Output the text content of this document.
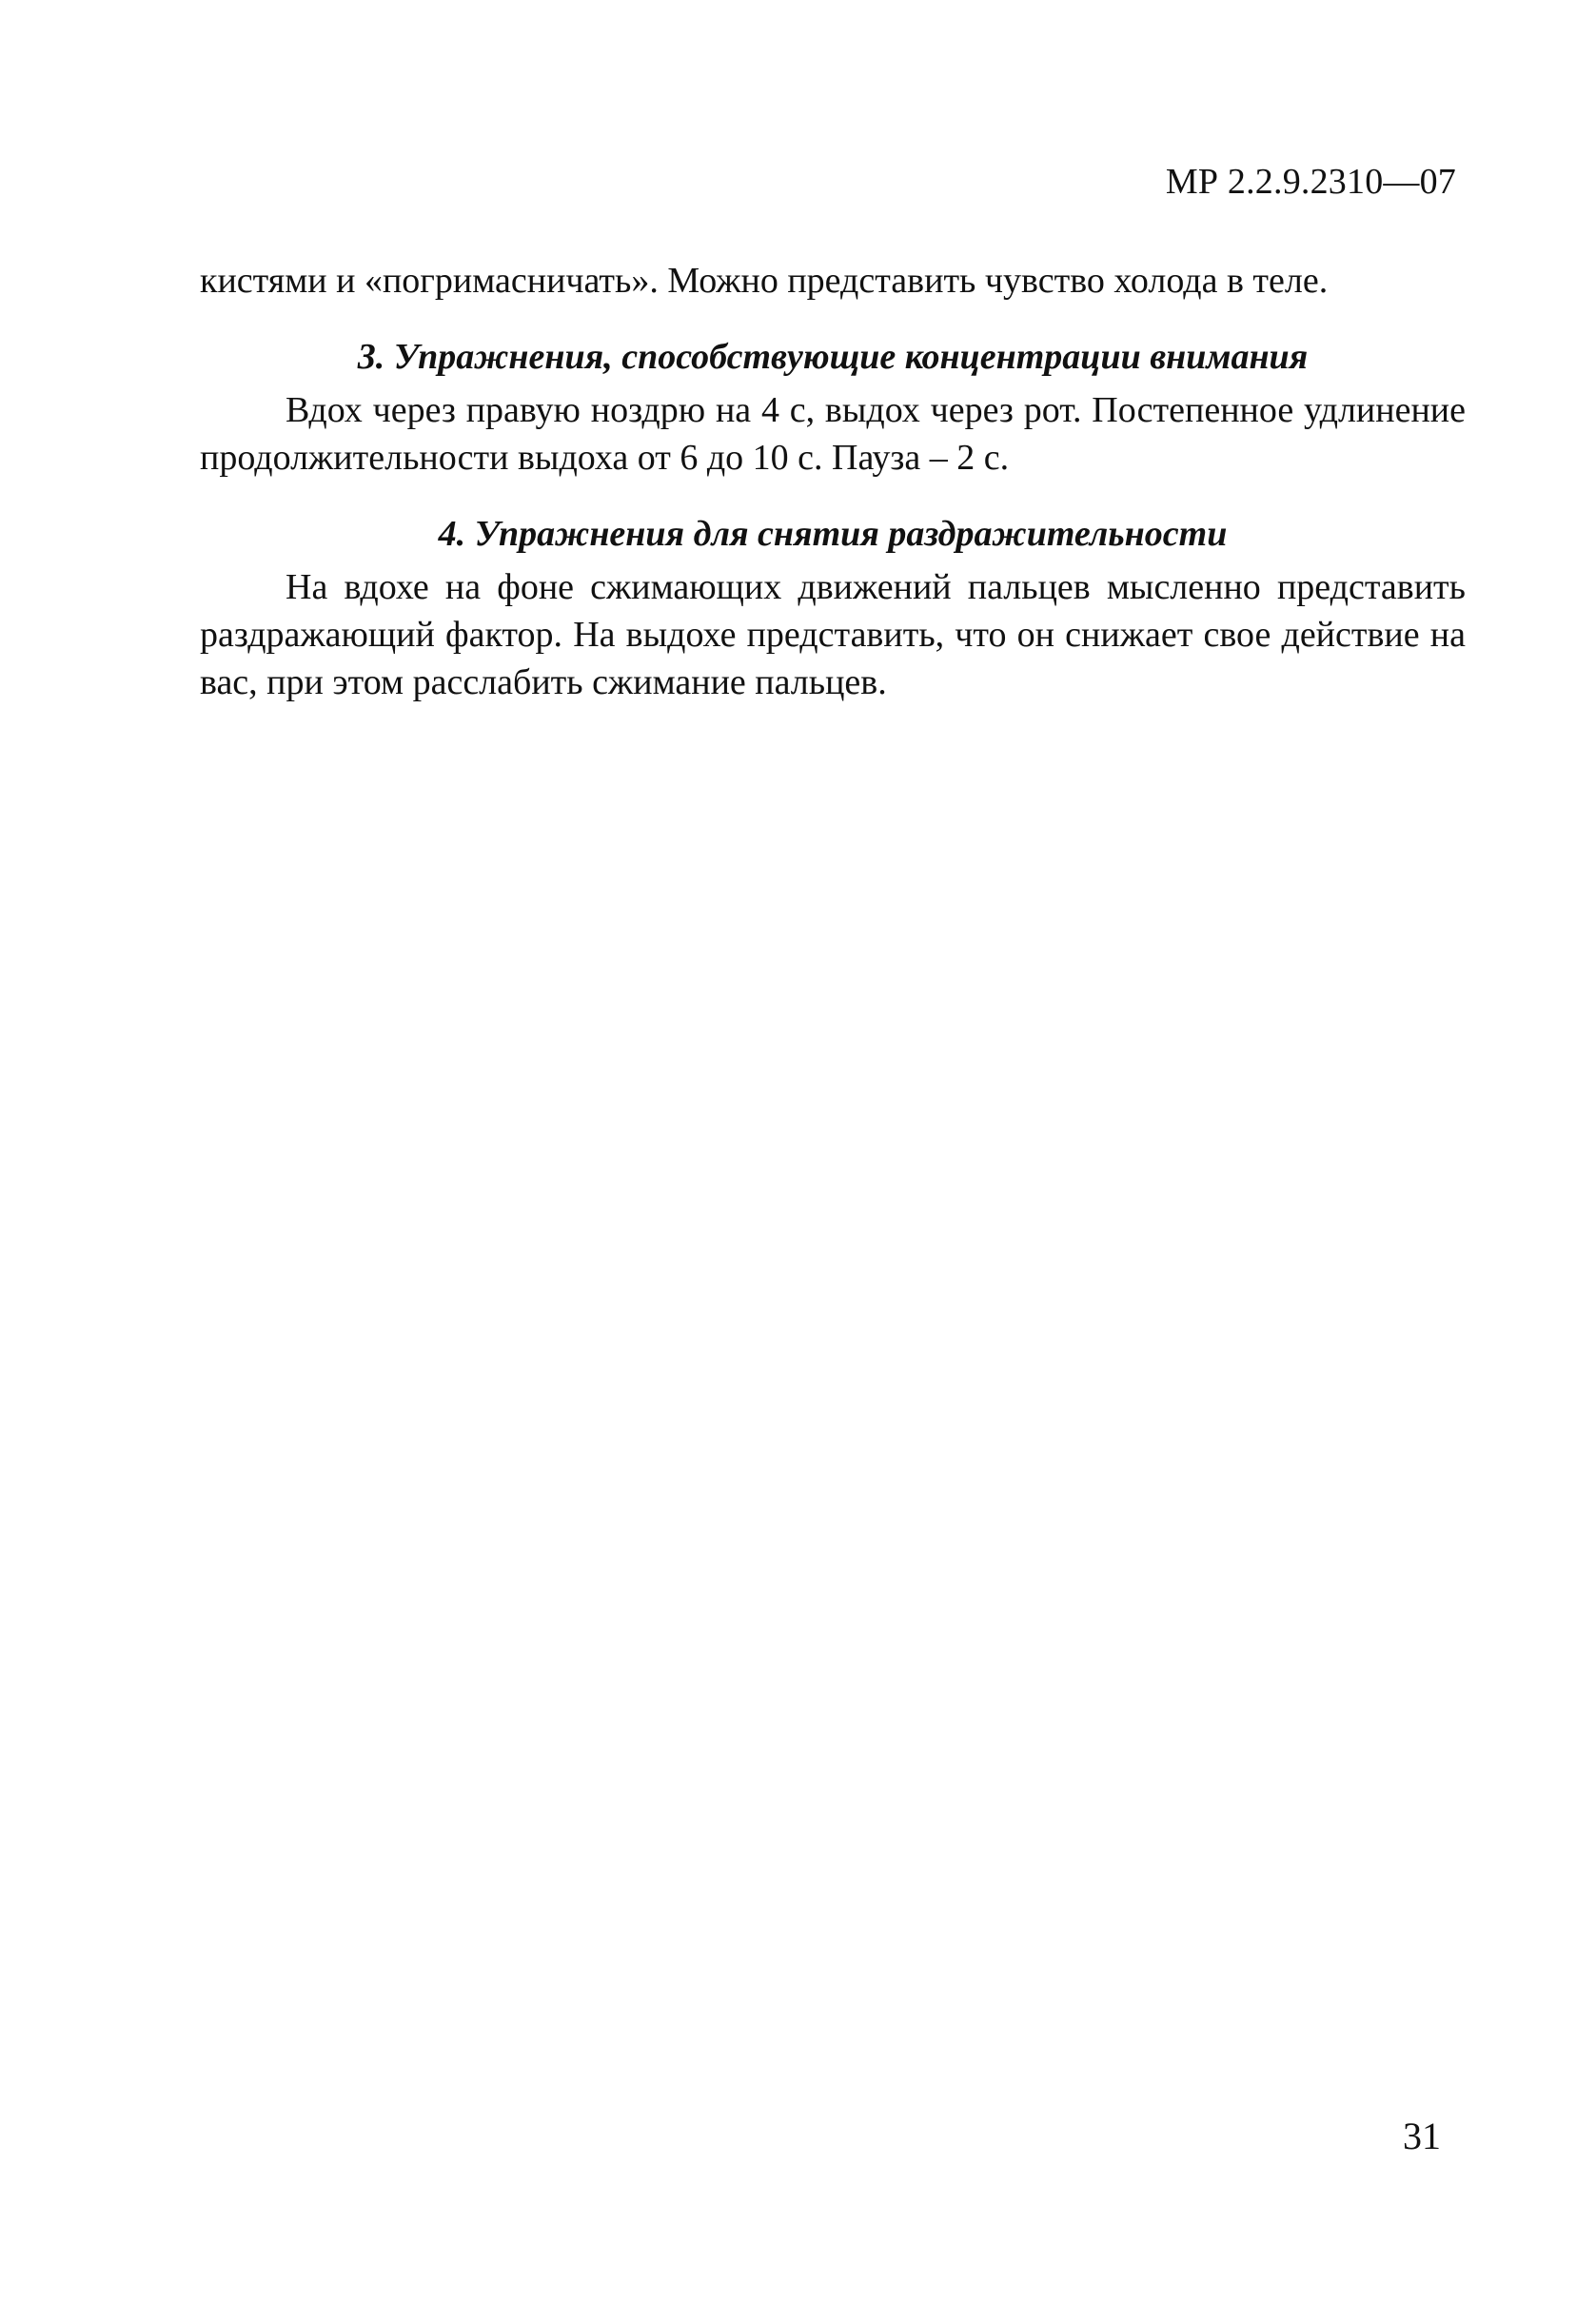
МР 2.2.9.2310—07

кистями и «погримасничать». Можно представить чувство холода в теле.

3. Упражнения, способствующие концентрации внимания

Вдох через правую ноздрю на 4 с, выдох через рот. Постепенное удлинение продолжительности выдоха от 6 до 10 с. Пауза – 2 с.

4. Упражнения для снятия раздражительности

На вдохе на фоне сжимающих движений пальцев мысленно представить раздражающий фактор. На выдохе представить, что он снижает свое действие на вас, при этом расслабить сжимание пальцев.

31
